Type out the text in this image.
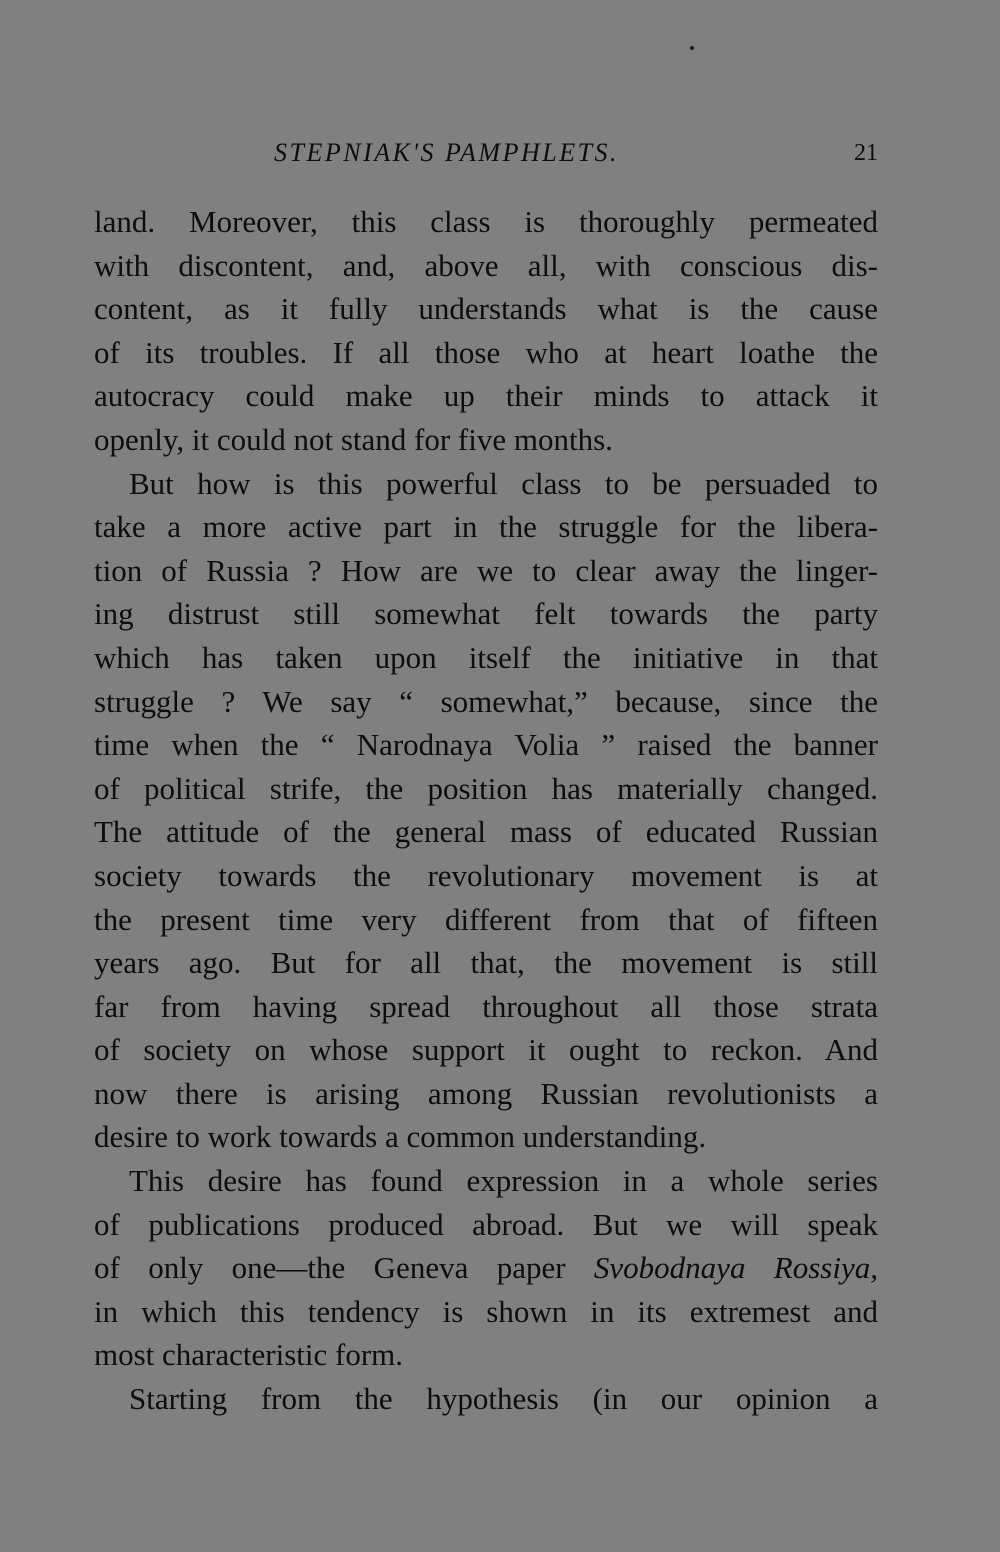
STEPNIAK'S PAMPHLETS.	21
land. Moreover, this class is thoroughly permeated
with discontent, and, above all, with conscious dis-
content, as it fully understands what is the cause
of its troubles. If all those who at heart loathe the
autocracy could make up their minds to attack it
openly, it could not stand for five months.
But how is this powerful class to be persuaded to
take a more active part in the struggle for the libera-
tion of Russia ? How are we to clear away the linger-
ing distrust still somewhat felt towards the party
which has taken upon itself the initiative in that
struggle ? We say “ somewhat,” because, since the
time when the “ Narodnaya Volia ” raised the banner
of political strife, the position has materially changed.
The attitude of the general mass of educated Russian
society towards the revolutionary movement is at
the present time very different from that of fifteen
years ago. But for all that, the movement is still
far from having spread throughout all those strata
of society on whose support it ought to reckon. And
now there is arising among Russian revolutionists a
desire to work towards a common understanding.
This desire has found expression in a whole series
of publications produced abroad. But we will speak
of only one—the Geneva paper Svobodnaya Rossiya,
in which this tendency is shown in its extremest and
most characteristic form.
Starting from the hypothesis (in our opinion a
